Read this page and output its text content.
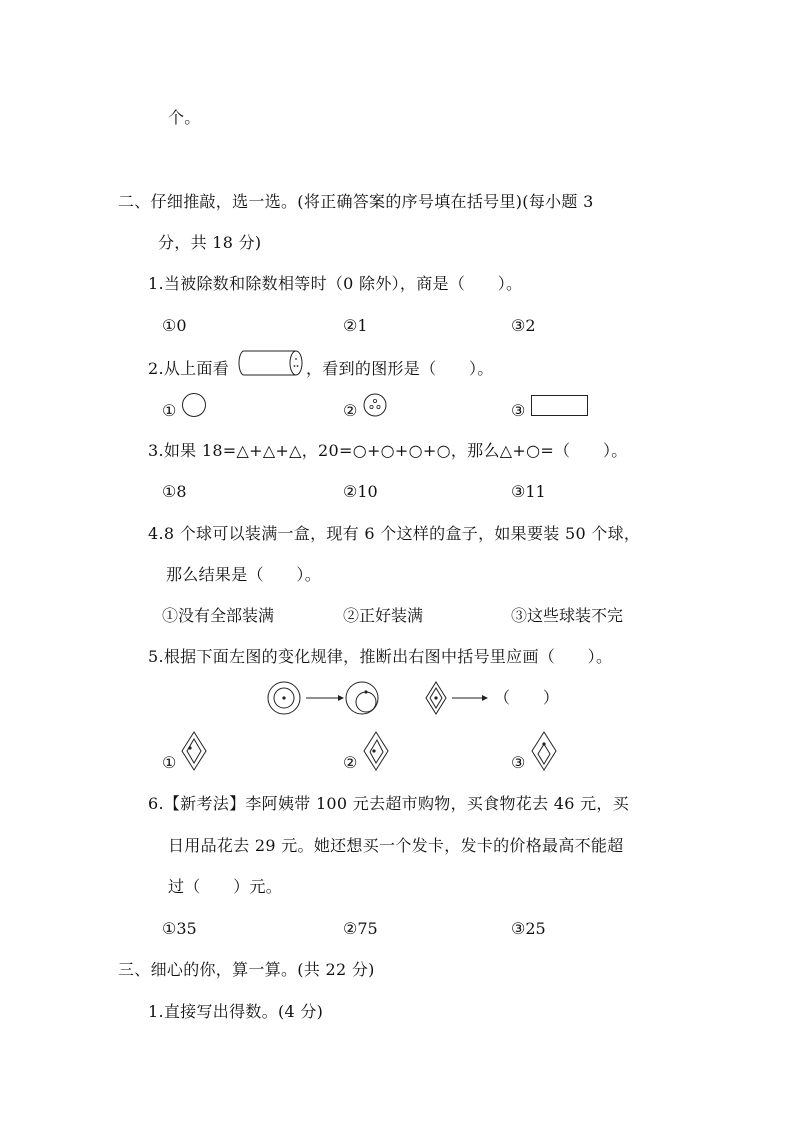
个。
二、仔细推敲，选一选。(将正确答案的序号填在括号里)(每小题 3
分，共 18 分)
1.当被除数和除数相等时（0 除外），商是（　　）。
①0	②1	③2
2.从上面看	，看到的图形是（　　）。
①	②	③
3.如果 18=△+△+△，20=○+○+○+○，那么△+○=（　　）。
①8	②10	③11
4.8 个球可以装满一盒，现有 6 个这样的盒子，如果要装 50 个球，
那么结果是（　　）。
①没有全部装满	②正好装满	③这些球装不完
5.根据下面左图的变化规律，推断出右图中括号里应画（　　）。
（　　）
①	②	③
6.【新考法】李阿姨带 100 元去超市购物，买食物花去 46 元，买
日用品花去 29 元。她还想买一个发卡，发卡的价格最高不能超
过（　　）元。
①35	②75	③25
三、细心的你，算一算。(共 22 分)
1.直接写出得数。(4 分)
